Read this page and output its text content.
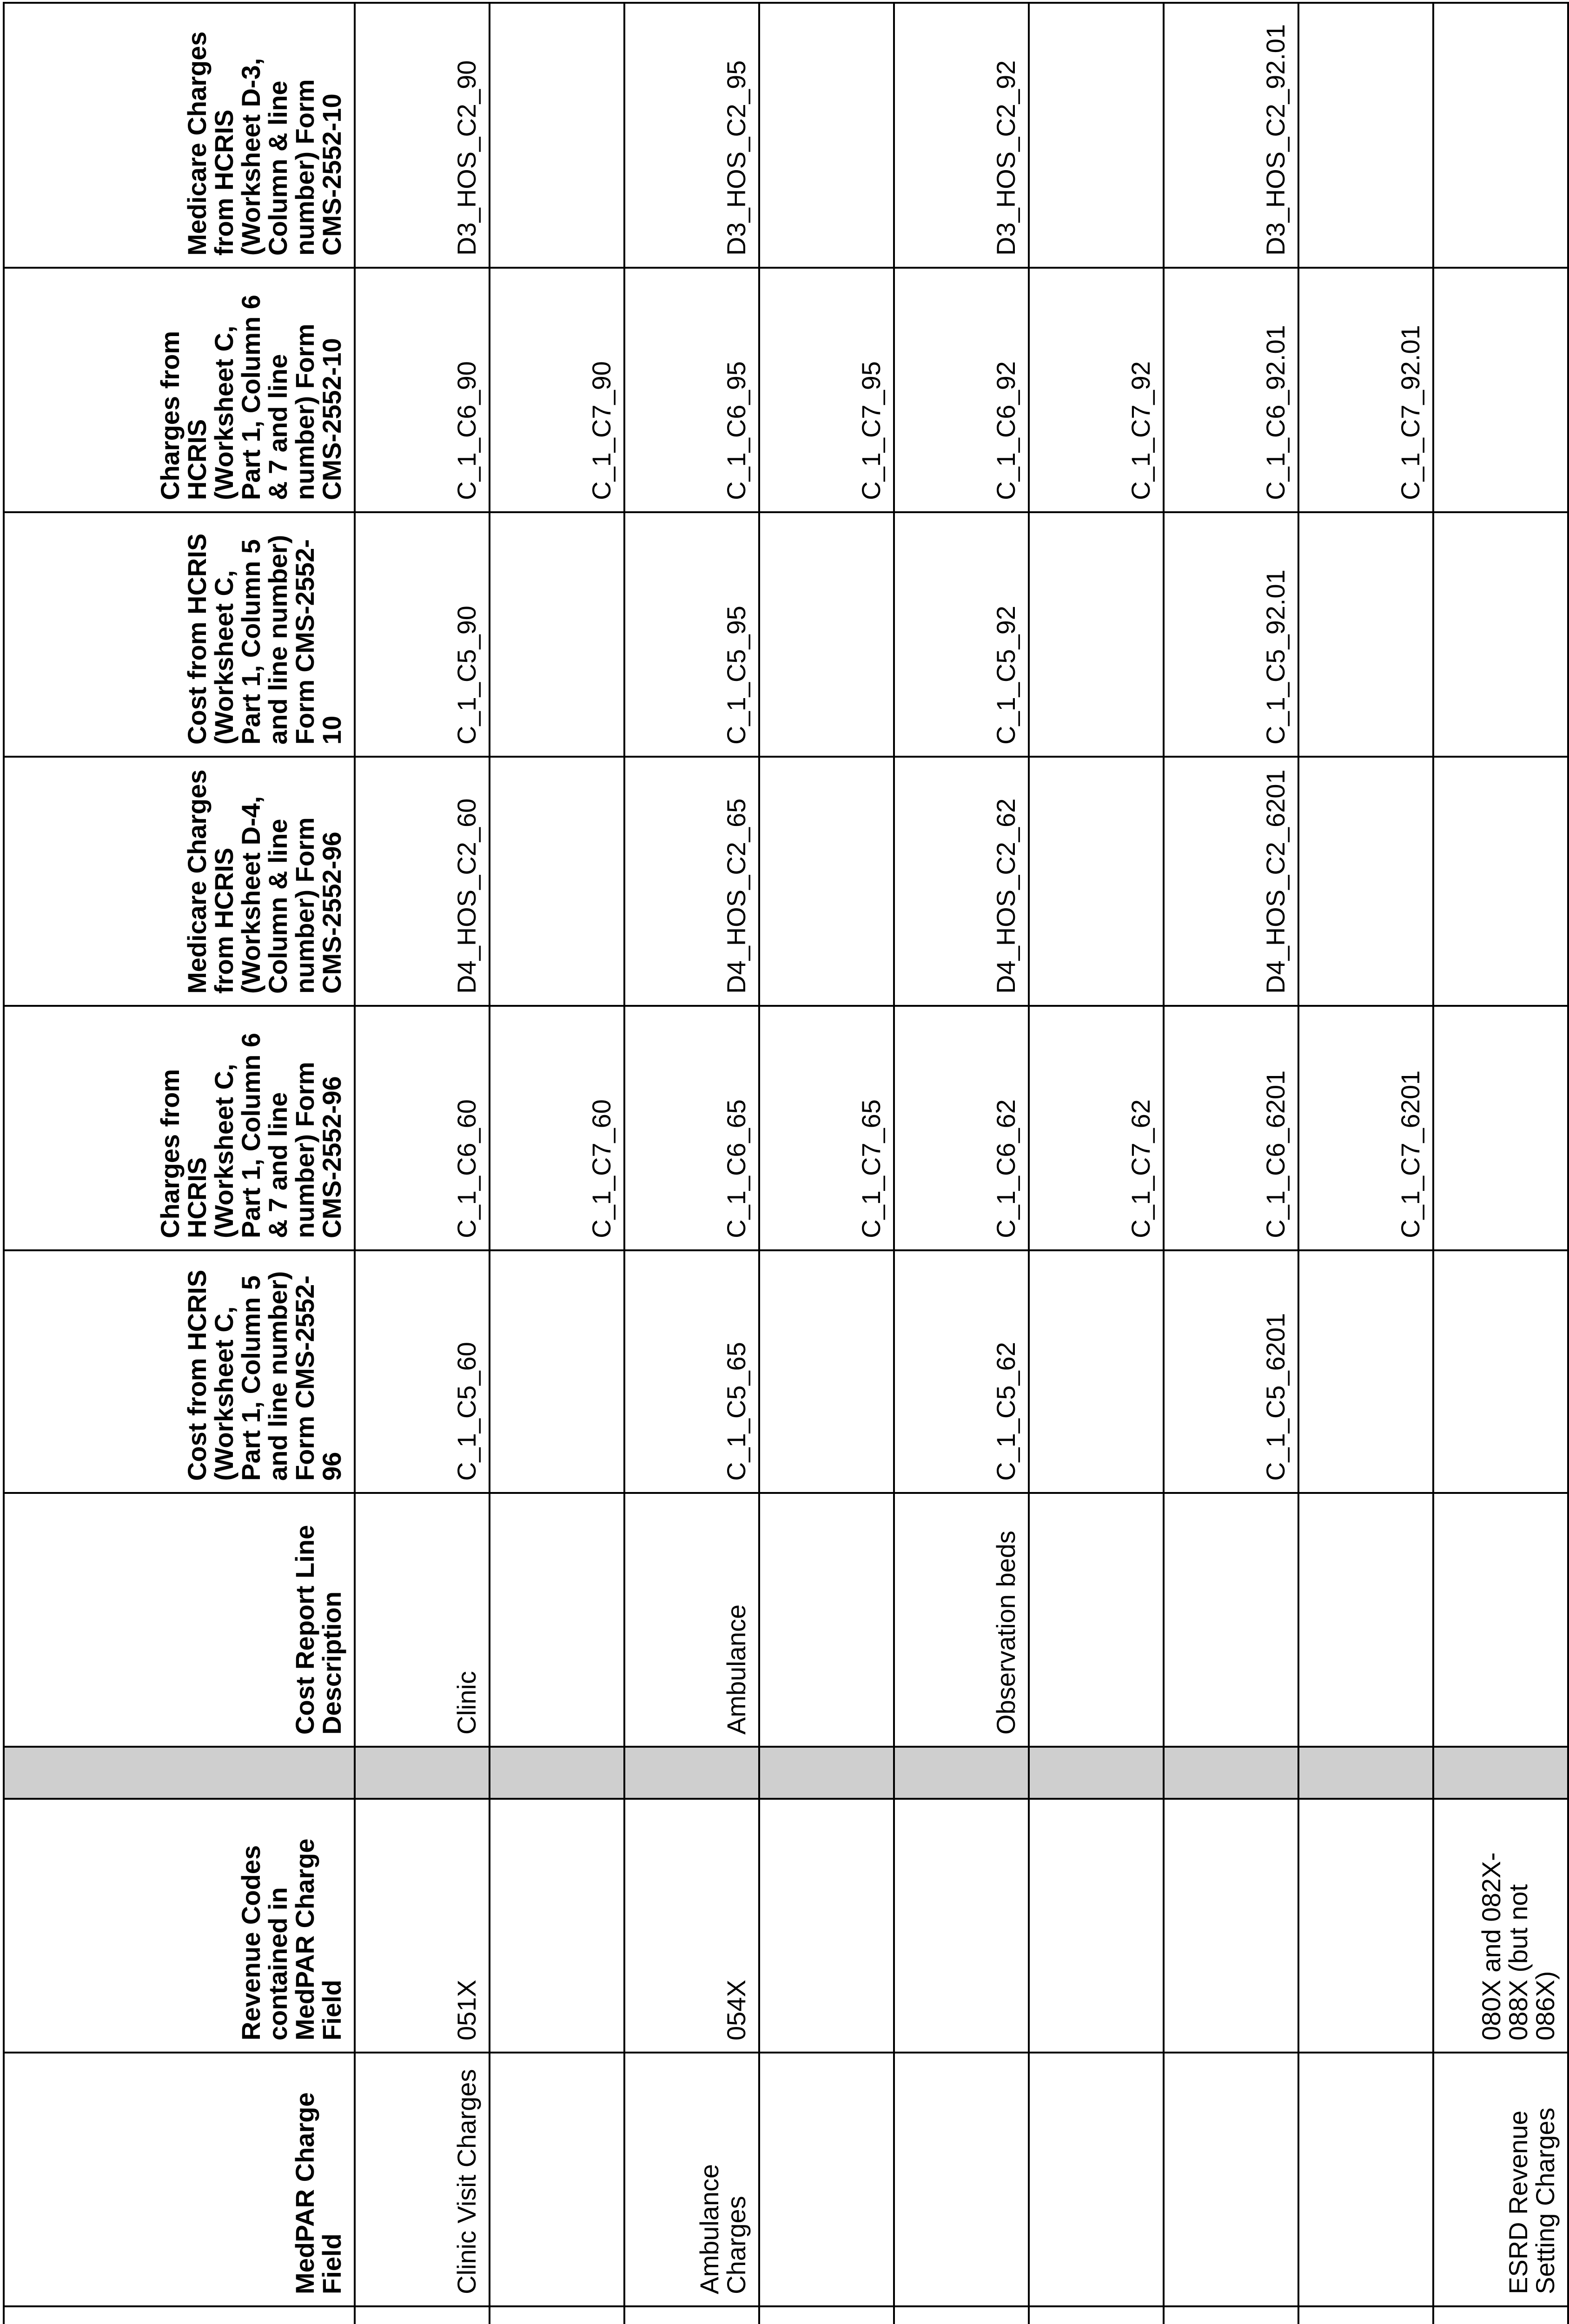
MedPAR Charge Field	Revenue Codes contained in MedPAR Charge Field		Cost Report Line Description	Cost from HCRIS (Worksheet C, Part 1, Column 5 and line number) Form CMS-2552-96	Charges from HCRIS (Worksheet C, Part 1, Column 6 & 7 and line number) Form CMS-2552-96	Medicare Charges from HCRIS (Worksheet D-4, Column & line number) Form CMS-2552-96	Cost from HCRIS (Worksheet C, Part 1, Column 5 and line number) Form CMS-2552-10	Charges from HCRIS (Worksheet C, Part 1, Column 6 & 7 and line number) Form CMS-2552-10	Medicare Charges from HCRIS (Worksheet D-3, Column & line number) Form CMS-2552-10

	Clinic Visit Charges	051X		Clinic	C_1_C5_60	C_1_C6_60	D4_HOS_C2_60	C_1_C5_90	C_1_C6_90	D3_HOS_C2_90

						C_1_C7_60			C_1_C7_90	

	Ambulance Charges	054X		Ambulance	C_1_C5_65	C_1_C6_65	D4_HOS_C2_65	C_1_C5_95	C_1_C6_95	D3_HOS_C2_95

						C_1_C7_65			C_1_C7_95	

				Observation beds	C_1_C5_62	C_1_C6_62	D4_HOS_C2_62	C_1_C5_92	C_1_C6_92	D3_HOS_C2_92

						C_1_C7_62			C_1_C7_92	

					C_1_C5_6201	C_1_C6_6201	D4_HOS_C2_6201	C_1_C5_92.01	C_1_C6_92.01	D3_HOS_C2_92.01

						C_1_C7_6201			C_1_C7_92.01	

	ESRD Revenue Setting Charges	080X and 082X-088X (but not 086X)								
